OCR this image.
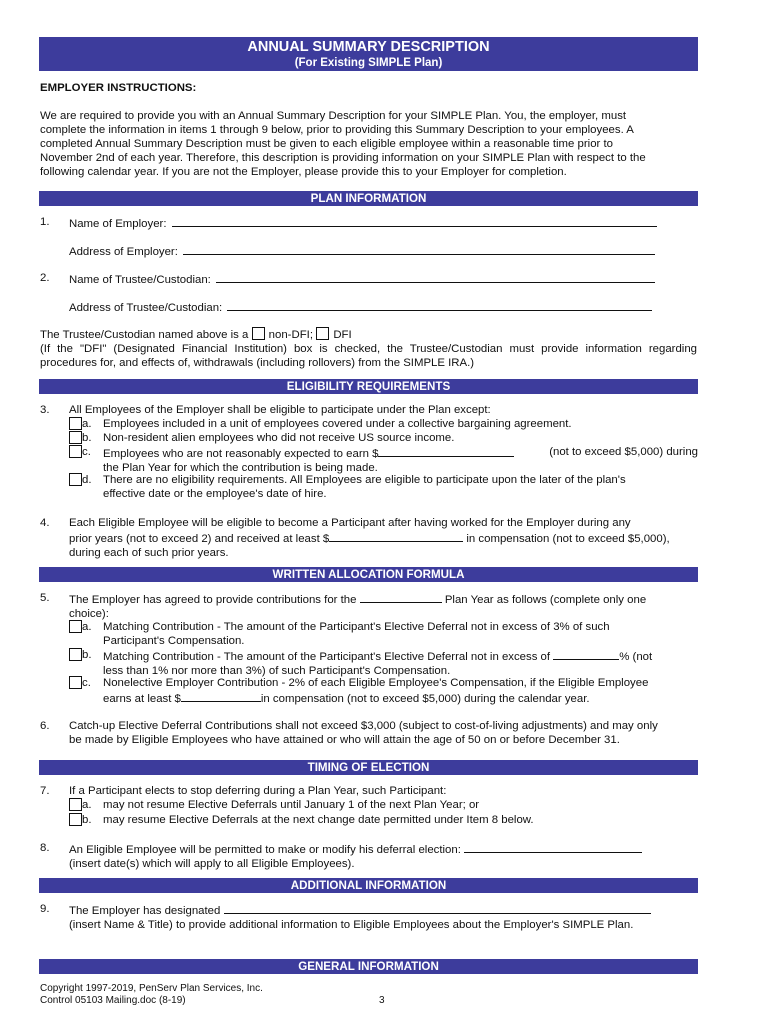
ANNUAL SUMMARY DESCRIPTION
(For Existing SIMPLE Plan)
EMPLOYER INSTRUCTIONS:
We are required to provide you with an Annual Summary Description for your SIMPLE Plan. You, the employer, must
complete the information in items 1 through 9 below, prior to providing this Summary Description to your employees. A
completed Annual Summary Description must be given to each eligible employee within a reasonable time prior to
November 2nd of each year. Therefore, this description is providing information on your SIMPLE Plan with respect to the
following calendar year. If you are not the Employer, please provide this to your Employer for completion.
PLAN INFORMATION
1.	Name of Employer:
Address of Employer:
2.	Name of Trustee/Custodian:
Address of Trustee/Custodian:
The Trustee/Custodian named above is a non-DFI; DFI
(If the "DFI" (Designated Financial Institution) box is checked, the Trustee/Custodian must provide information regarding
procedures for, and effects of, withdrawals (including rollovers) from the SIMPLE IRA.)
ELIGIBILITY REQUIREMENTS
3.	All Employees of the Employer shall be eligible to participate under the Plan except:
a. Employees included in a unit of employees covered under a collective bargaining agreement.
b. Non-resident alien employees who did not receive US source income.
c. Employees who are not reasonably expected to earn $	(not to exceed $5,000) during
the Plan Year for which the contribution is being made.
d. There are no eligibility requirements. All Employees are eligible to participate upon the later of the plan's
effective date or the employee's date of hire.
4.	Each Eligible Employee will be eligible to become a Participant after having worked for the Employer during any
prior years (not to exceed 2) and received at least $	in compensation (not to exceed $5,000),
during each of such prior years.
WRITTEN ALLOCATION FORMULA
5.	The Employer has agreed to provide contributions for the	Plan Year as follows (complete only one
choice):
a. Matching Contribution - The amount of the Participant's Elective Deferral not in excess of 3% of such
Participant's Compensation.
b. Matching Contribution - The amount of the Participant's Elective Deferral not in excess of	% (not
less than 1% nor more than 3%) of such Participant's Compensation.
c. Nonelective Employer Contribution - 2% of each Eligible Employee's Compensation, if the Eligible Employee
earns at least $	in compensation (not to exceed $5,000) during the calendar year.
6.	Catch-up Elective Deferral Contributions shall not exceed $3,000 (subject to cost-of-living adjustments) and may only
be made by Eligible Employees who have attained or who will attain the age of 50 on or before December 31.
TIMING OF ELECTION
7.	If a Participant elects to stop deferring during a Plan Year, such Participant:
a. may not resume Elective Deferrals until January 1 of the next Plan Year; or
b. may resume Elective Deferrals at the next change date permitted under Item 8 below.
8.	An Eligible Employee will be permitted to make or modify his deferral election:
(insert date(s) which will apply to all Eligible Employees).
ADDITIONAL INFORMATION
9.	The Employer has designated
(insert Name & Title) to provide additional information to Eligible Employees about the Employer's SIMPLE Plan.
GENERAL INFORMATION
Copyright 1997-2019, PenServ Plan Services, Inc.
Control 05103 Mailing.doc (8-19)	3
